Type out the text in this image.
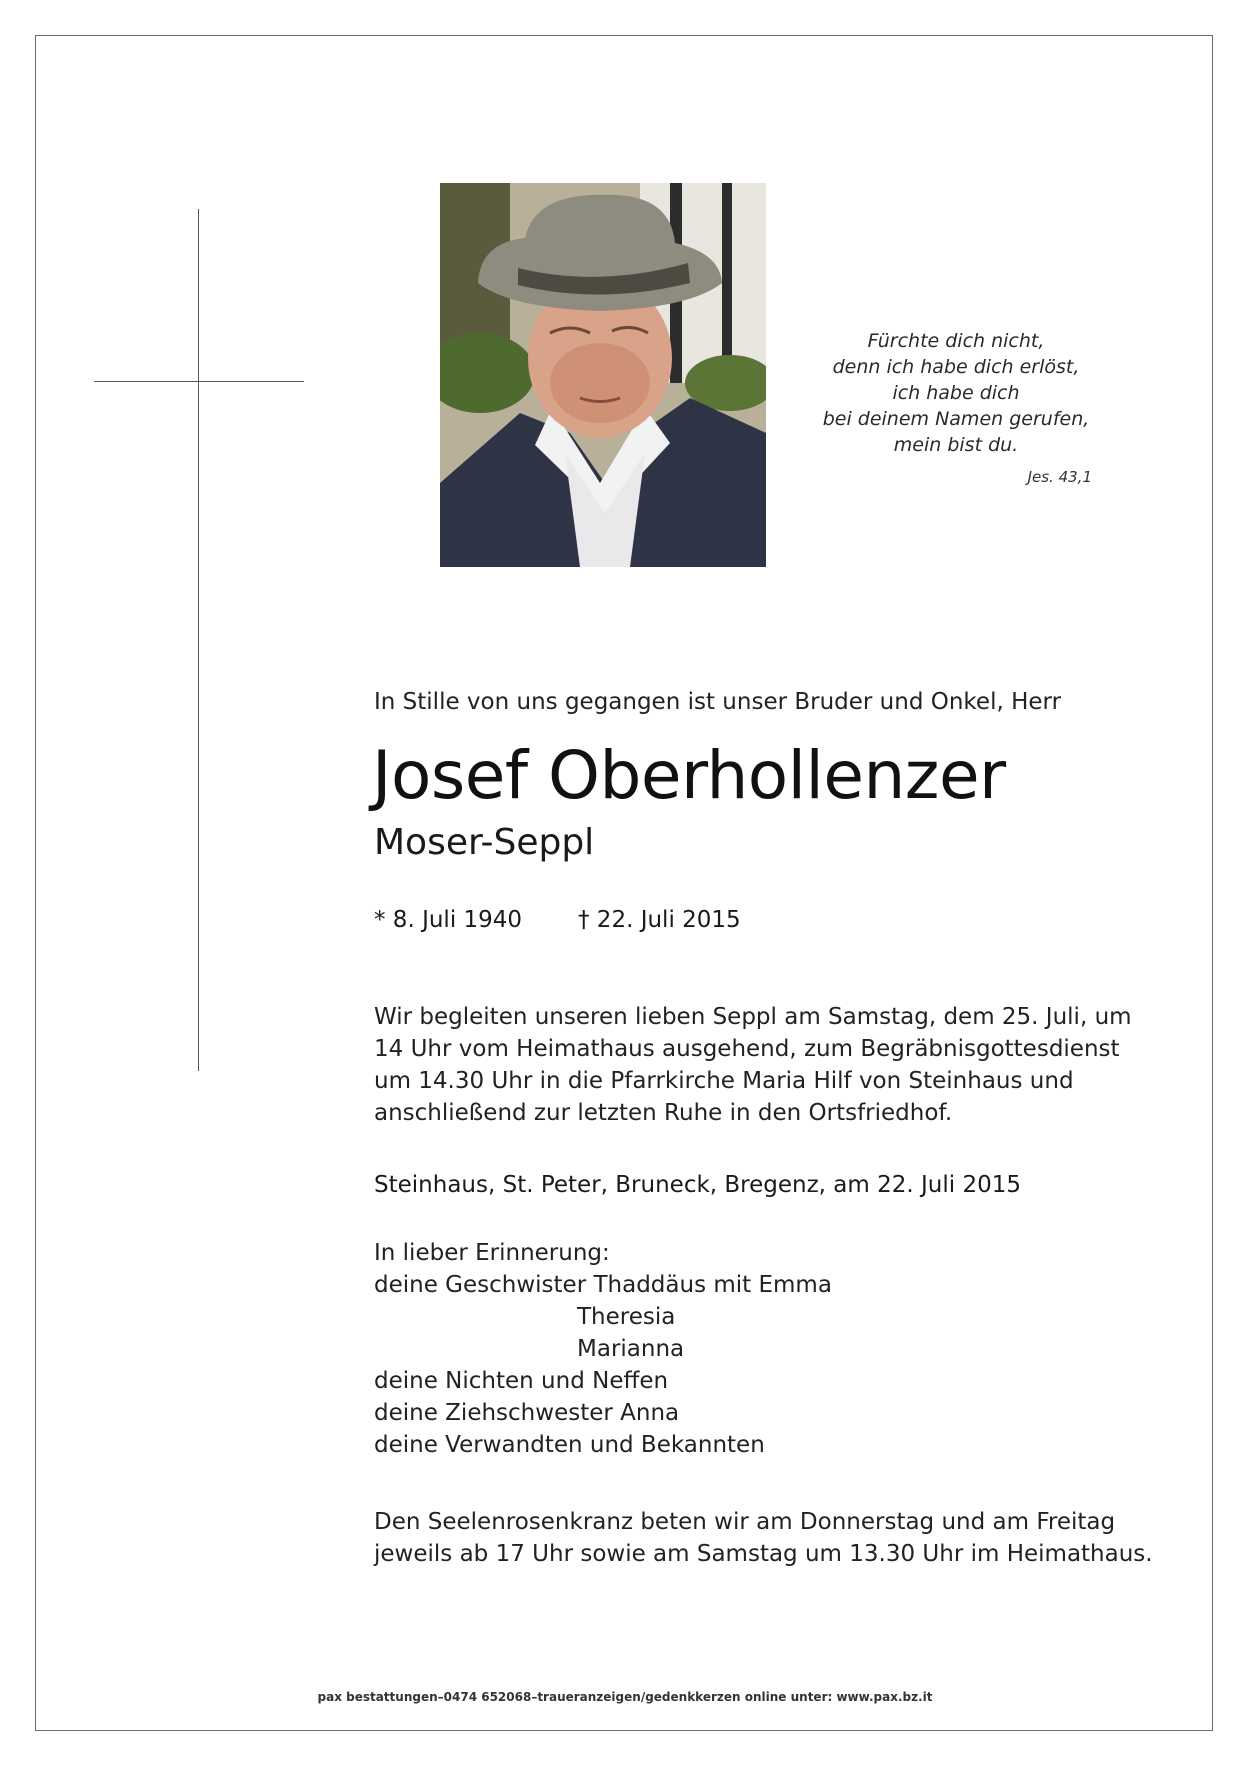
Fürchte dich nicht,
denn ich habe dich erlöst,
ich habe dich
bei deinem Namen gerufen,
mein bist du.
Jes. 43,1
In Stille von uns gegangen ist unser Bruder und Onkel, Herr
Josef Oberhollenzer
Moser-Seppl
* 8. Juli 1940 † 22. Juli 2015
Wir begleiten unseren lieben Seppl am Samstag, dem 25. Juli, um
14 Uhr vom Heimathaus ausgehend, zum Begräbnisgottesdienst
um 14.30 Uhr in die Pfarrkirche Maria Hilf von Steinhaus und
anschließend zur letzten Ruhe in den Ortsfriedhof.
Steinhaus, St. Peter, Bruneck, Bregenz, am 22. Juli 2015
In lieber Erinnerung:
deine Geschwister Thaddäus mit Emma
Theresia
Marianna
deine Nichten und Neffen
deine Ziehschwester Anna
deine Verwandten und Bekannten
Den Seelenrosenkranz beten wir am Donnerstag und am Freitag
jeweils ab 17 Uhr sowie am Samstag um 13.30 Uhr im Heimathaus.
pax bestattungen–0474 652068–traueranzeigen/gedenkkerzen online unter: www.pax.bz.it
